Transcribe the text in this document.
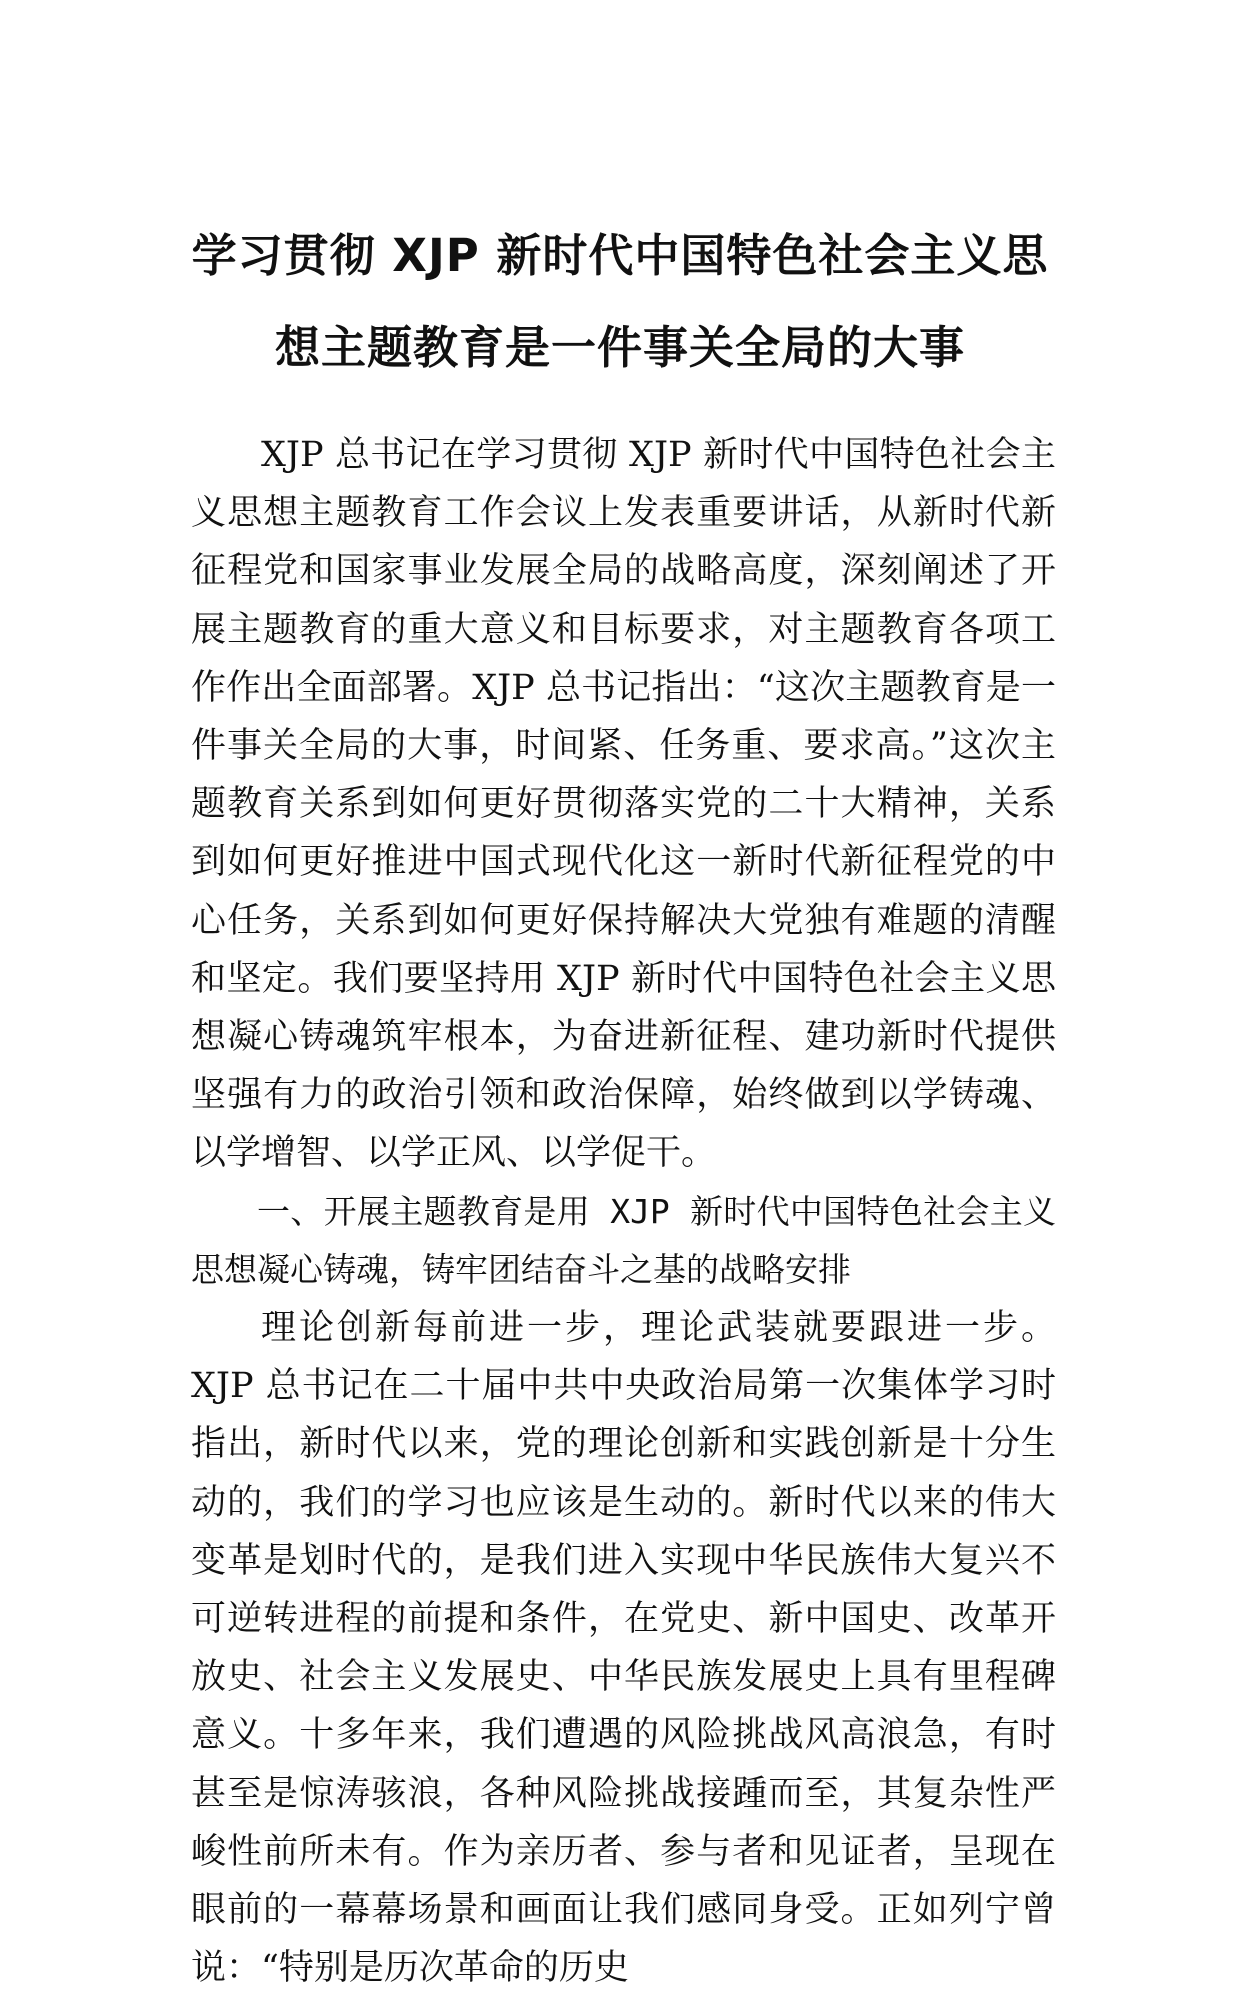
学习贯彻 XJP 新时代中国特色社会主义思
想主题教育是一件事关全局的大事

XJP 总书记在学习贯彻 XJP 新时代中国特色社会主义思想主题教育工作会议上发表重要讲话，从新时代新征程党和国家事业发展全局的战略高度，深刻阐述了开展主题教育的重大意义和目标要求，对主题教育各项工作作出全面部署。XJP 总书记指出：“这次主题教育是一件事关全局的大事，时间紧、任务重、要求高。”这次主题教育关系到如何更好贯彻落实党的二十大精神，关系到如何更好推进中国式现代化这一新时代新征程党的中心任务，关系到如何更好保持解决大党独有难题的清醒和坚定。我们要坚持用 XJP 新时代中国特色社会主义思想凝心铸魂筑牢根本，为奋进新征程、建功新时代提供坚强有力的政治引领和政治保障，始终做到以学铸魂、以学增智、以学正风、以学促干。

一、开展主题教育是用 XJP 新时代中国特色社会主义思想凝心铸魂，铸牢团结奋斗之基的战略安排

理论创新每前进一步，理论武装就要跟进一步。XJP 总书记在二十届中共中央政治局第一次集体学习时指出，新时代以来，党的理论创新和实践创新是十分生动的，我们的学习也应该是生动的。新时代以来的伟大变革是划时代的，是我们进入实现中华民族伟大复兴不可逆转进程的前提和条件，在党史、新中国史、改革开放史、社会主义发展史、中华民族发展史上具有里程碑意义。十多年来，我们遭遇的风险挑战风高浪急，有时甚至是惊涛骇浪，各种风险挑战接踵而至，其复杂性严峻性前所未有。作为亲历者、参与者和见证者，呈现在眼前的一幕幕场景和画面让我们感同身受。正如列宁曾说：“特别是历次革命的历史
